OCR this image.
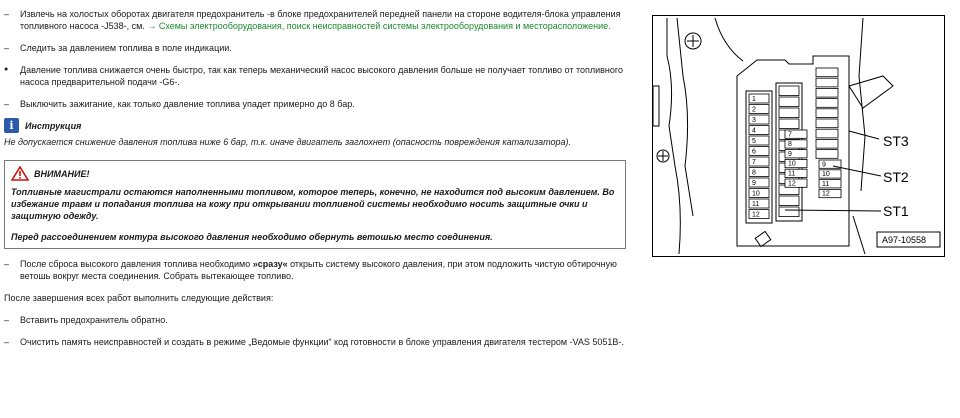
–	Извлечь на холостых оборотах двигателя предохранитель -в блоке предохранителей передней панели на стороне водителя-блока управления топливного насоса -J538-, см. → Схемы электрооборудования, поиск неисправностей системы электрооборудования и месторасположение.
–	Следить за давлением топлива в поле индикации.
●	Давление топлива снижается очень быстро, так как теперь механический насос высокого давления больше не получает топливо от топливного насоса предварительной подачи -G6-.
–	Выключить зажигание, как только давление топлива упадет примерно до 8 бар.
i	Инструкция
Не допускается снижение давления топлива ниже 6 бар, т.к. иначе двигатель заглохнет (опасность повреждения катализатора).
ВНИМАНИЕ!
Топливные магистрали остаются наполненными топливом, которое теперь, конечно, не находится под высоким давлением. Во избежание травм и попадания топлива на кожу при открывании топливной системы необходимо носить защитные очки и защитную одежду.
Перед рассоединением контура высокого давления необходимо обернуть ветошью место соединения.
–	После сброса высокого давления топлива необходимо »сразу« открыть систему высокого давления, при этом подложить чистую обтирочную ветошь вокруг места соединения. Собрать вытекающее топливо.
После завершения всех работ выполнить следующие действия:
–	Вставить предохранитель обратно.
–	Очистить память неисправностей и создать в режиме „Ведомые функции“ код готовности в блоке управления двигателя тестером -VAS 5051B-.
1
2
3
4
5
6
7
8
9
10
11
12
7
8
9
10
11
12
9
10
11
12
ST3
ST2
ST1
A97-10558
